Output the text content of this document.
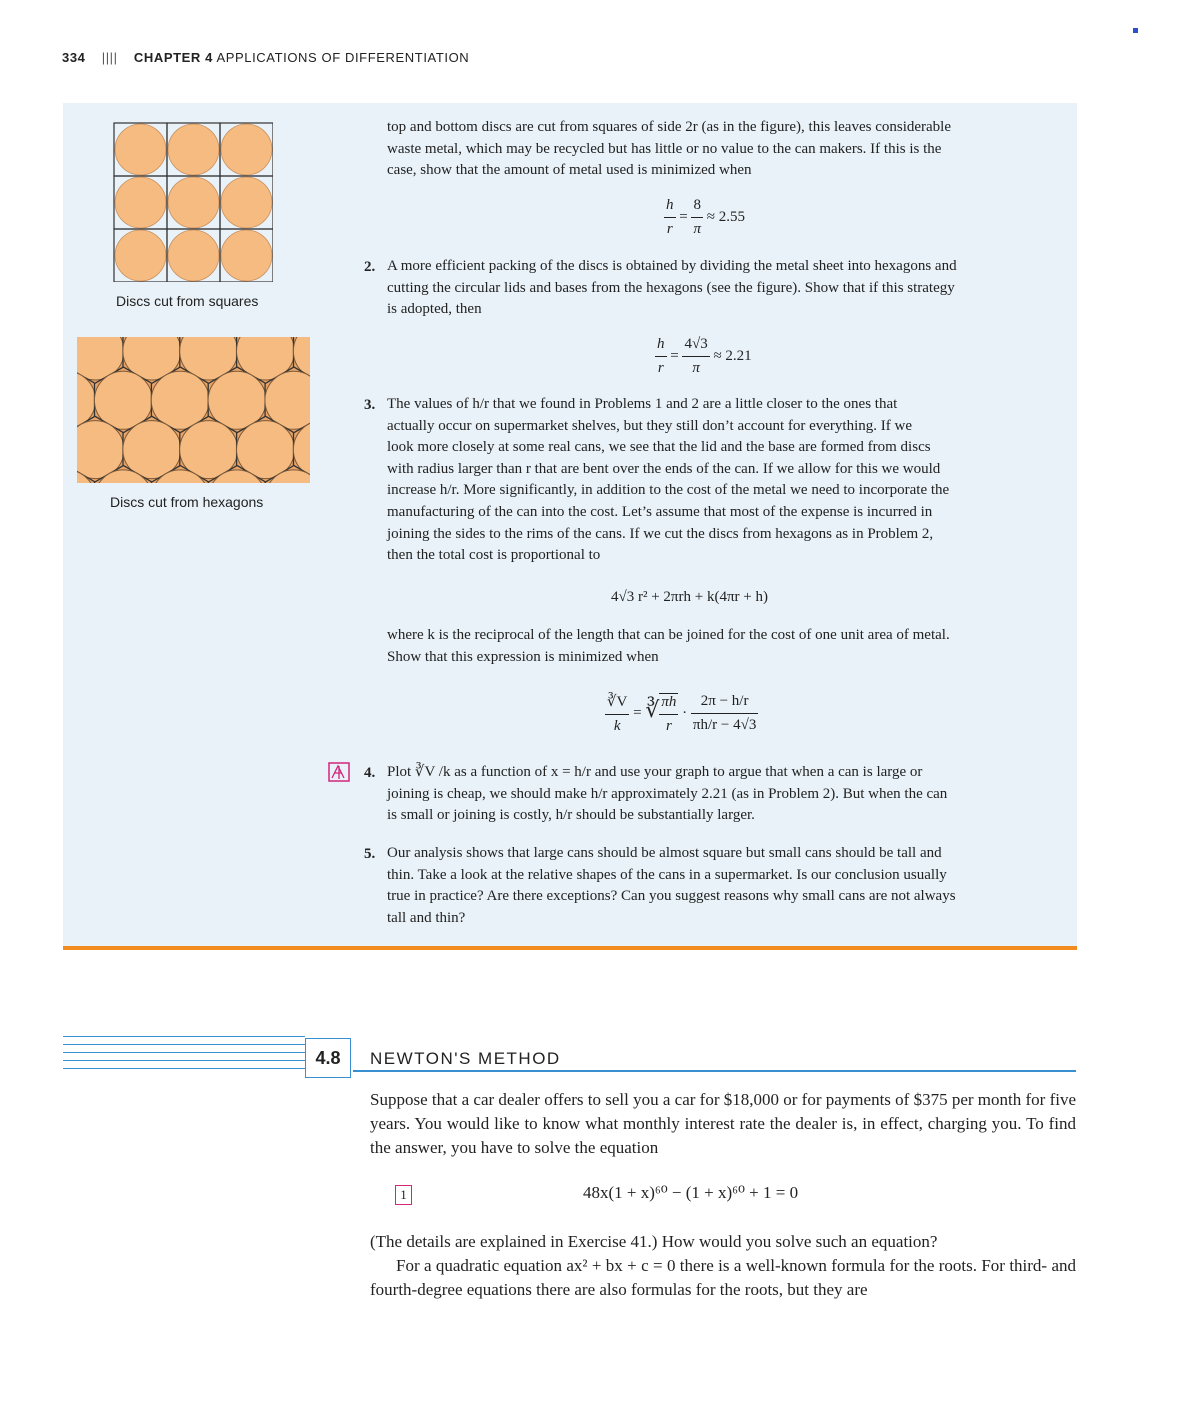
334 |||| CHAPTER 4 APPLICATIONS OF DIFFERENTIATION
Discs cut from squares
Discs cut from hexagons
top and bottom discs are cut from squares of side 2r (as in the figure), this leaves considerable
waste metal, which may be recycled but has little or no value to the can makers. If this is the
case, show that the amount of metal used is minimized when
$\frac{h}{r} = \frac{8}{\pi} \approx 2.55$
2. A more efficient packing of the discs is obtained by dividing the metal sheet into hexagons and
cutting the circular lids and bases from the hexagons (see the figure). Show that if this strategy
is adopted, then
$\frac{h}{r} = \frac{4√3}{\pi} \approx 2.21$
3. The values of h/r that we found in Problems 1 and 2 are a little closer to the ones that
actually occur on supermarket shelves, but they still don’t account for everything. If we
look more closely at some real cans, we see that the lid and the base are formed from discs
with radius larger than r that are bent over the ends of the can. If we allow for this we would
increase h/r. More significantly, in addition to the cost of the metal we need to incorporate the
manufacturing of the can into the cost. Let’s assume that most of the expense is incurred in
joining the sides to the rims of the cans. If we cut the discs from hexagons as in Problem 2,
then the total cost is proportional to
4√3 r² + 2πrh + k(4πr + h)
where k is the reciprocal of the length that can be joined for the cost of one unit area of metal.
Show that this expression is minimized when
$\frac{∛V}{k}$ = ∛ $\frac{\pi h}{r} \cdot \frac{2\pi - h/r}{\pi h/r - 4√3}$
4. Plot ∛V /k as a function of x = h/r and use your graph to argue that when a can is large or
joining is cheap, we should make h/r approximately 2.21 (as in Problem 2). But when the can
is small or joining is costly, h/r should be substantially larger.
5. Our analysis shows that large cans should be almost square but small cans should be tall and
thin. Take a look at the relative shapes of the cans in a supermarket. Is our conclusion usually
true in practice? Are there exceptions? Can you suggest reasons why small cans are not always
tall and thin?
4.8	NEWTON'S METHOD
Suppose that a car dealer offers to sell you a car for $18,000 or for payments of $375 per month for five years. You would like to know what monthly interest rate the dealer is, in effect, charging you. To find the answer, you have to solve the equation
1	48x(1 + x)⁶⁰ − (1 + x)⁶⁰ + 1 = 0
(The details are explained in Exercise 41.) How would you solve such an equation?
For a quadratic equation ax² + bx + c = 0 there is a well-known formula for the roots. For third- and fourth-degree equations there are also formulas for the roots, but they are
